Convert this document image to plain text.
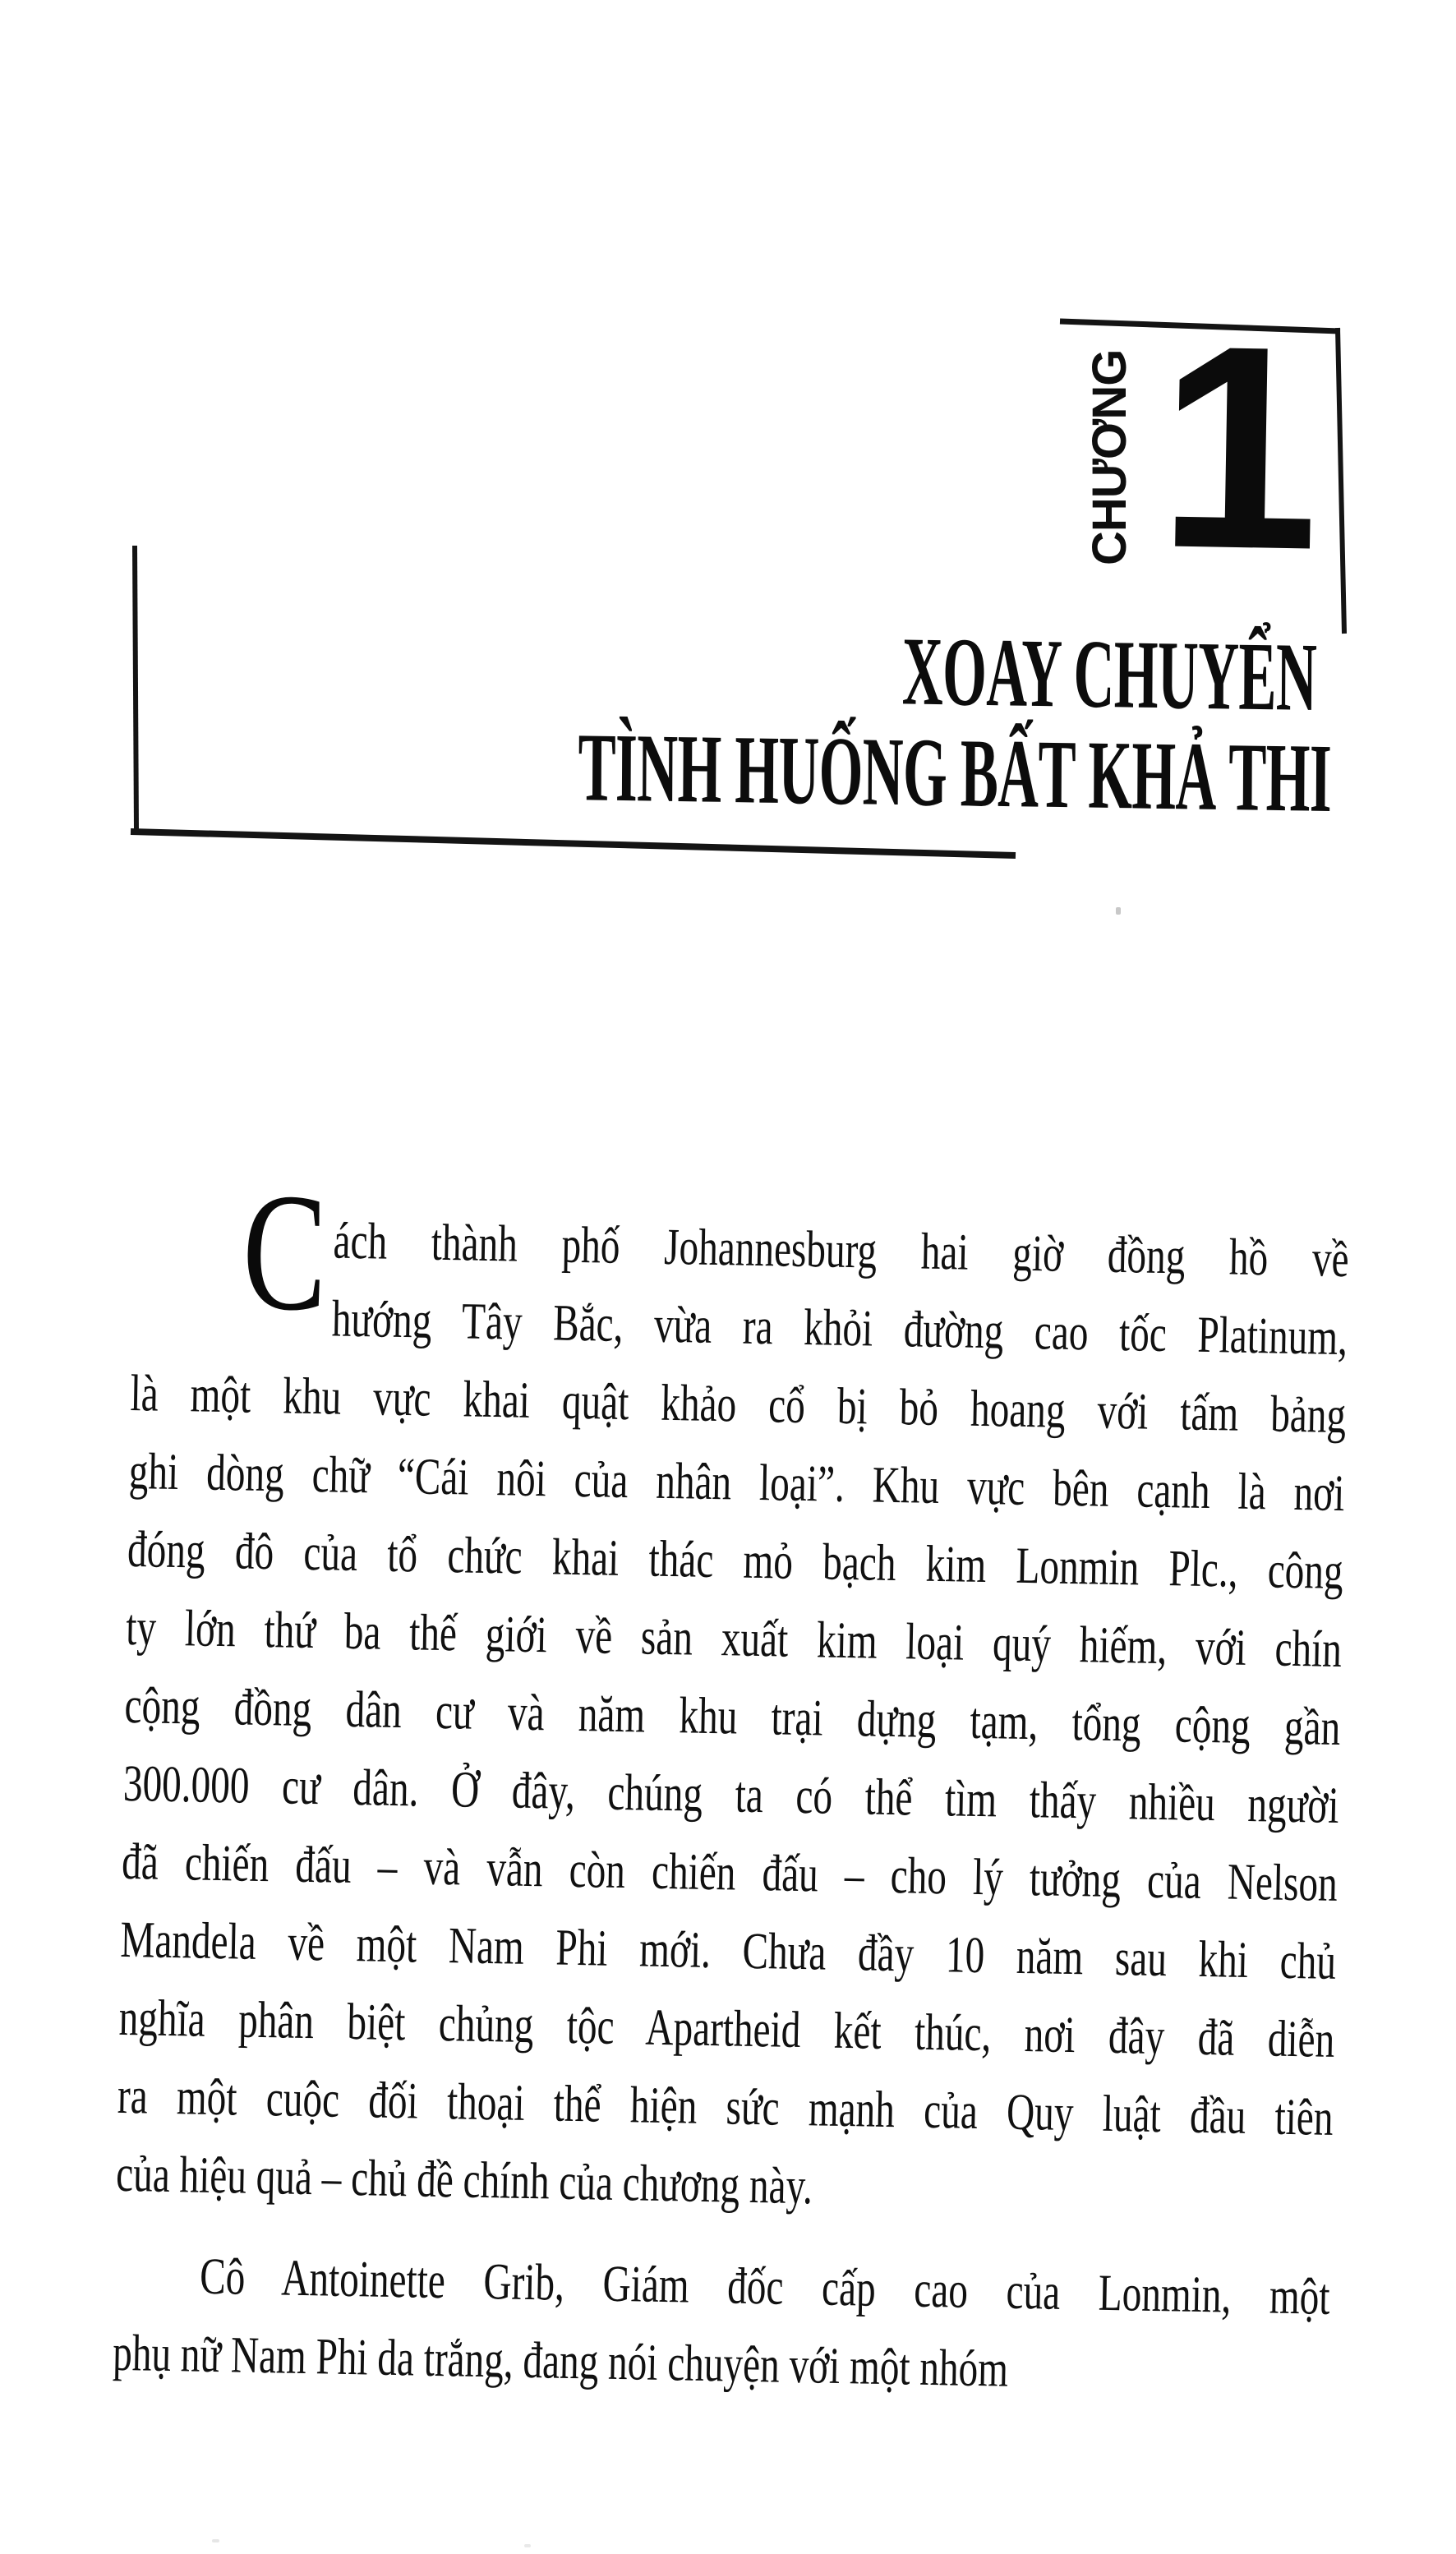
CHƯƠNG 1
XOAY CHUYỂN
TÌNH HUỐNG BẤT KHẢ THI
C ách thành phố Johannesburg hai giờ đồng hồ về
hướng Tây Bắc, vừa ra khỏi đường cao tốc Platinum,
là một khu vực khai quật khảo cổ bị bỏ hoang với tấm bảng
ghi dòng chữ “Cái nôi của nhân loại”. Khu vực bên cạnh là nơi
đóng đô của tổ chức khai thác mỏ bạch kim Lonmin Plc., công
ty lớn thứ ba thế giới về sản xuất kim loại quý hiếm, với chín
cộng đồng dân cư và năm khu trại dựng tạm, tổng cộng gần
300.000 cư dân. Ở đây, chúng ta có thể tìm thấy nhiều người
đã chiến đấu – và vẫn còn chiến đấu – cho lý tưởng của Nelson
Mandela về một Nam Phi mới. Chưa đầy 10 năm sau khi chủ
nghĩa phân biệt chủng tộc Apartheid kết thúc, nơi đây đã diễn
ra một cuộc đối thoại thể hiện sức mạnh của Quy luật đầu tiên
của hiệu quả – chủ đề chính của chương này.
Cô Antoinette Grib, Giám đốc cấp cao của Lonmin, một
phụ nữ Nam Phi da trắng, đang nói chuyện với một nhóm
